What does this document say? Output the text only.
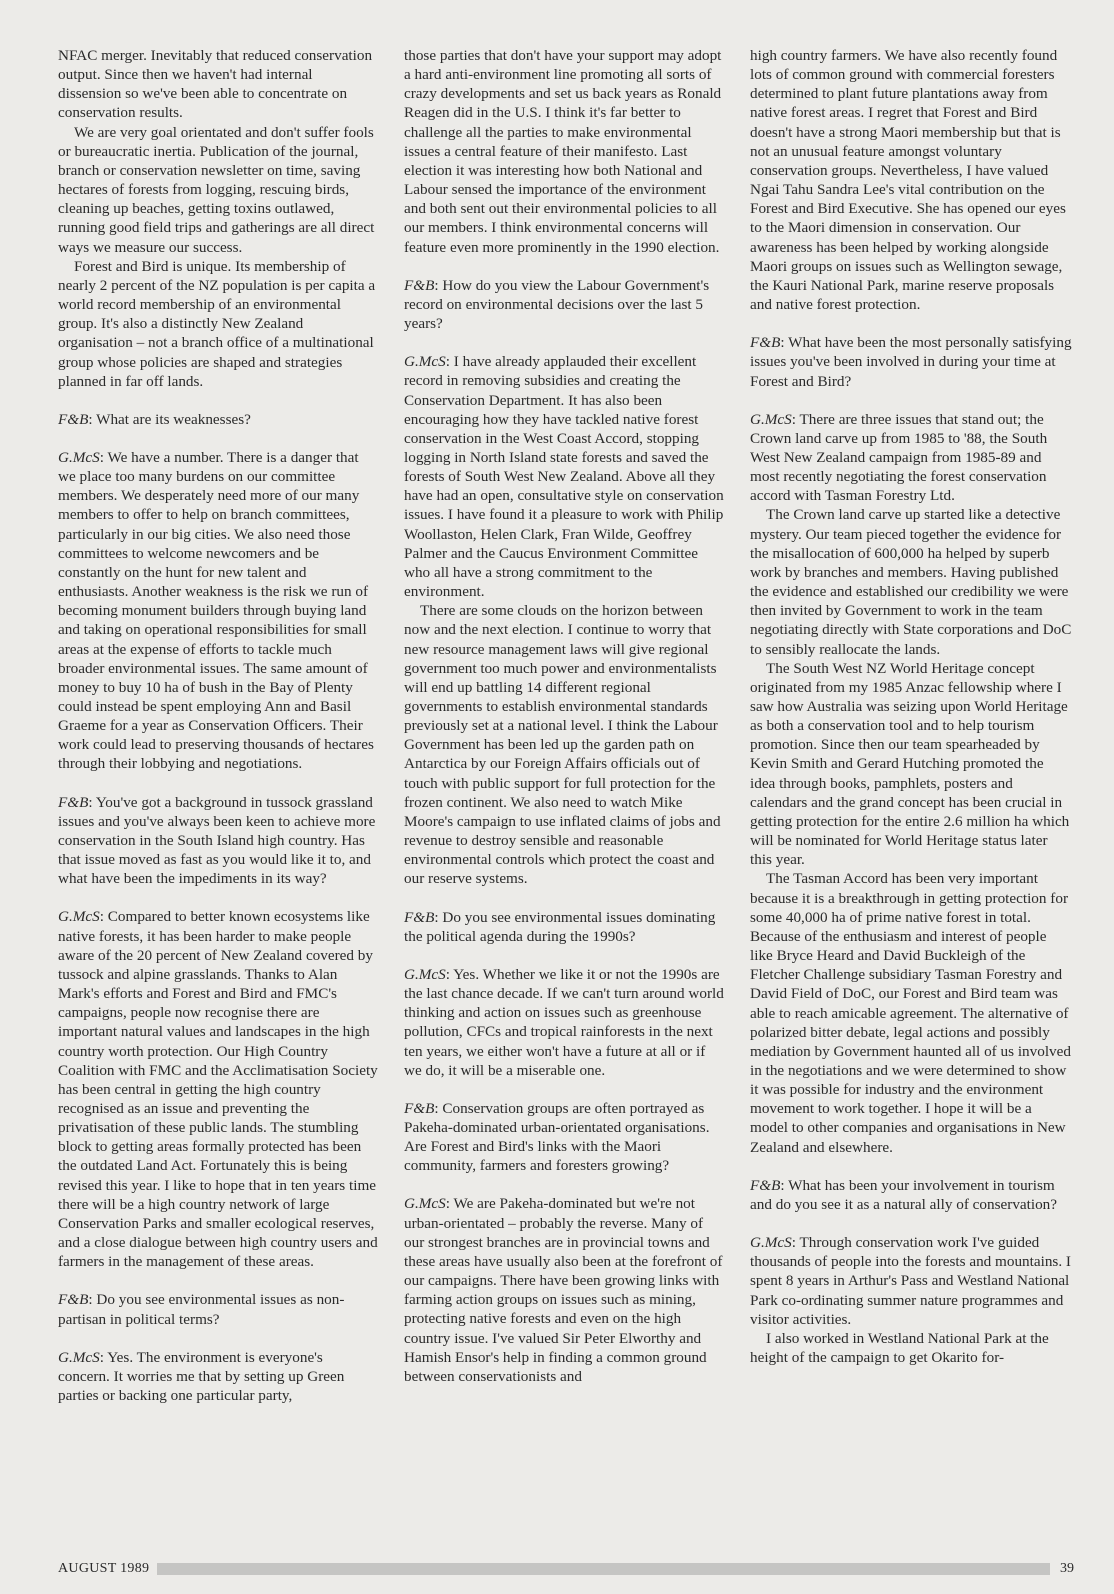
NFAC merger. Inevitably that reduced conservation output. Since then we haven't had internal dissension so we've been able to concentrate on conservation results.

We are very goal orientated and don't suffer fools or bureaucratic inertia. Publication of the journal, branch or conservation newsletter on time, saving hectares of forests from logging, rescuing birds, cleaning up beaches, getting toxins outlawed, running good field trips and gatherings are all direct ways we measure our success.

Forest and Bird is unique. Its membership of nearly 2 percent of the NZ population is per capita a world record membership of an environmental group. It's also a distinctly New Zealand organisation – not a branch office of a multinational group whose policies are shaped and strategies planned in far off lands.

F&B: What are its weaknesses?

G.McS: We have a number. There is a danger that we place too many burdens on our committee members. We desperately need more of our many members to offer to help on branch committees, particularly in our big cities. We also need those committees to welcome newcomers and be constantly on the hunt for new talent and enthusiasts. Another weakness is the risk we run of becoming monument builders through buying land and taking on operational responsibilities for small areas at the expense of efforts to tackle much broader environmental issues. The same amount of money to buy 10 ha of bush in the Bay of Plenty could instead be spent employing Ann and Basil Graeme for a year as Conservation Officers. Their work could lead to preserving thousands of hectares through their lobbying and negotiations.

F&B: You've got a background in tussock grassland issues and you've always been keen to achieve more conservation in the South Island high country. Has that issue moved as fast as you would like it to, and what have been the impediments in its way?

G.McS: Compared to better known ecosystems like native forests, it has been harder to make people aware of the 20 percent of New Zealand covered by tussock and alpine grasslands. Thanks to Alan Mark's efforts and Forest and Bird and FMC's campaigns, people now recognise there are important natural values and landscapes in the high country worth protection. Our High Country Coalition with FMC and the Acclimatisation Society has been central in getting the high country recognised as an issue and preventing the privatisation of these public lands. The stumbling block to getting areas formally protected has been the outdated Land Act. Fortunately this is being revised this year. I like to hope that in ten years time there will be a high country network of large Conservation Parks and smaller ecological reserves, and a close dialogue between high country users and farmers in the management of these areas.

F&B: Do you see environmental issues as non-partisan in political terms?

G.McS: Yes. The environment is everyone's concern. It worries me that by setting up Green parties or backing one particular party,

those parties that don't have your support may adopt a hard anti-environment line promoting all sorts of crazy developments and set us back years as Ronald Reagen did in the U.S. I think it's far better to challenge all the parties to make environmental issues a central feature of their manifesto. Last election it was interesting how both National and Labour sensed the importance of the environment and both sent out their environmental policies to all our members. I think environmental concerns will feature even more prominently in the 1990 election.

F&B: How do you view the Labour Government's record on environmental decisions over the last 5 years?

G.McS: I have already applauded their excellent record in removing subsidies and creating the Conservation Department. It has also been encouraging how they have tackled native forest conservation in the West Coast Accord, stopping logging in North Island state forests and saved the forests of South West New Zealand. Above all they have had an open, consultative style on conservation issues. I have found it a pleasure to work with Philip Woollaston, Helen Clark, Fran Wilde, Geoffrey Palmer and the Caucus Environment Committee who all have a strong commitment to the environment.

There are some clouds on the horizon between now and the next election. I continue to worry that new resource management laws will give regional government too much power and environmentalists will end up battling 14 different regional governments to establish environmental standards previously set at a national level. I think the Labour Government has been led up the garden path on Antarctica by our Foreign Affairs officials out of touch with public support for full protection for the frozen continent. We also need to watch Mike Moore's campaign to use inflated claims of jobs and revenue to destroy sensible and reasonable environmental controls which protect the coast and our reserve systems.

F&B: Do you see environmental issues dominating the political agenda during the 1990s?

G.McS: Yes. Whether we like it or not the 1990s are the last chance decade. If we can't turn around world thinking and action on issues such as greenhouse pollution, CFCs and tropical rainforests in the next ten years, we either won't have a future at all or if we do, it will be a miserable one.

F&B: Conservation groups are often portrayed as Pakeha-dominated urban-orientated organisations. Are Forest and Bird's links with the Maori community, farmers and foresters growing?

G.McS: We are Pakeha-dominated but we're not urban-orientated – probably the reverse. Many of our strongest branches are in provincial towns and these areas have usually also been at the forefront of our campaigns. There have been growing links with farming action groups on issues such as mining, protecting native forests and even on the high country issue. I've valued Sir Peter Elworthy and Hamish Ensor's help in finding a common ground between conservationists and

high country farmers. We have also recently found lots of common ground with commercial foresters determined to plant future plantations away from native forest areas. I regret that Forest and Bird doesn't have a strong Maori membership but that is not an unusual feature amongst voluntary conservation groups. Nevertheless, I have valued Ngai Tahu Sandra Lee's vital contribution on the Forest and Bird Executive. She has opened our eyes to the Maori dimension in conservation. Our awareness has been helped by working alongside Maori groups on issues such as Wellington sewage, the Kauri National Park, marine reserve proposals and native forest protection.

F&B: What have been the most personally satisfying issues you've been involved in during your time at Forest and Bird?

G.McS: There are three issues that stand out; the Crown land carve up from 1985 to '88, the South West New Zealand campaign from 1985-89 and most recently negotiating the forest conservation accord with Tasman Forestry Ltd.

The Crown land carve up started like a detective mystery. Our team pieced together the evidence for the misallocation of 600,000 ha helped by superb work by branches and members. Having published the evidence and established our credibility we were then invited by Government to work in the team negotiating directly with State corporations and DoC to sensibly reallocate the lands.

The South West NZ World Heritage concept originated from my 1985 Anzac fellowship where I saw how Australia was seizing upon World Heritage as both a conservation tool and to help tourism promotion. Since then our team spearheaded by Kevin Smith and Gerard Hutching promoted the idea through books, pamphlets, posters and calendars and the grand concept has been crucial in getting protection for the entire 2.6 million ha which will be nominated for World Heritage status later this year.

The Tasman Accord has been very important because it is a breakthrough in getting protection for some 40,000 ha of prime native forest in total. Because of the enthusiasm and interest of people like Bryce Heard and David Buckleigh of the Fletcher Challenge subsidiary Tasman Forestry and David Field of DoC, our Forest and Bird team was able to reach amicable agreement. The alternative of polarized bitter debate, legal actions and possibly mediation by Government haunted all of us involved in the negotiations and we were determined to show it was possible for industry and the environment movement to work together. I hope it will be a model to other companies and organisations in New Zealand and elsewhere.

F&B: What has been your involvement in tourism and do you see it as a natural ally of conservation?

G.McS: Through conservation work I've guided thousands of people into the forests and mountains. I spent 8 years in Arthur's Pass and Westland National Park co-ordinating summer nature programmes and visitor activities.

I also worked in Westland National Park at the height of the campaign to get Okarito for-

AUGUST 1989	39
